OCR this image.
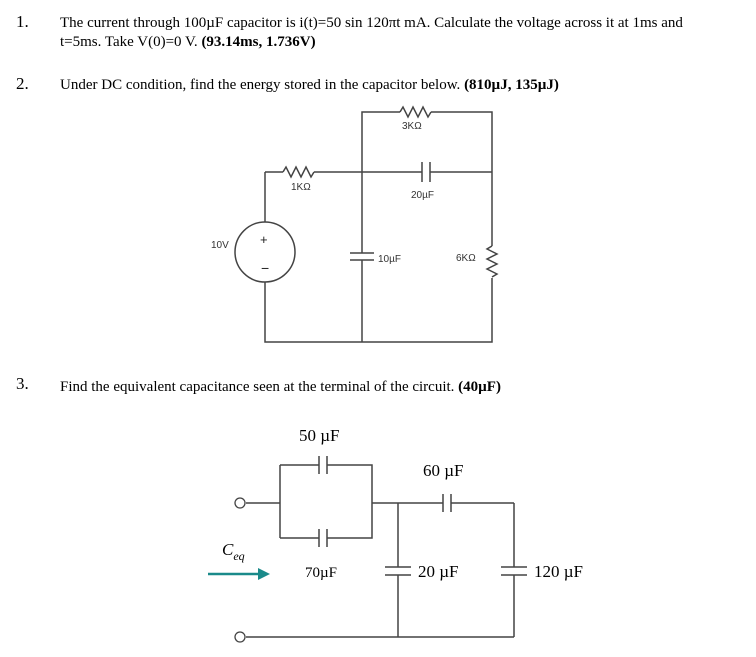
1. The current through 100µF capacitor is i(t)=50 sin 120πt mA. Calculate the voltage across it at 1ms and
t=5ms. Take V(0)=0 V. (93.14ms, 1.736V)
2. Under DC condition, find the energy stored in the capacitor below. (810µJ, 135µJ)
3. Find the equivalent capacitance seen at the terminal of the circuit. (40µF)
+
−
10V
1KΩ
3KΩ
20µF
10µF	6KΩ
$C_{eq}$
50 µF
70µF
60 µF
20 µF	120 µF
